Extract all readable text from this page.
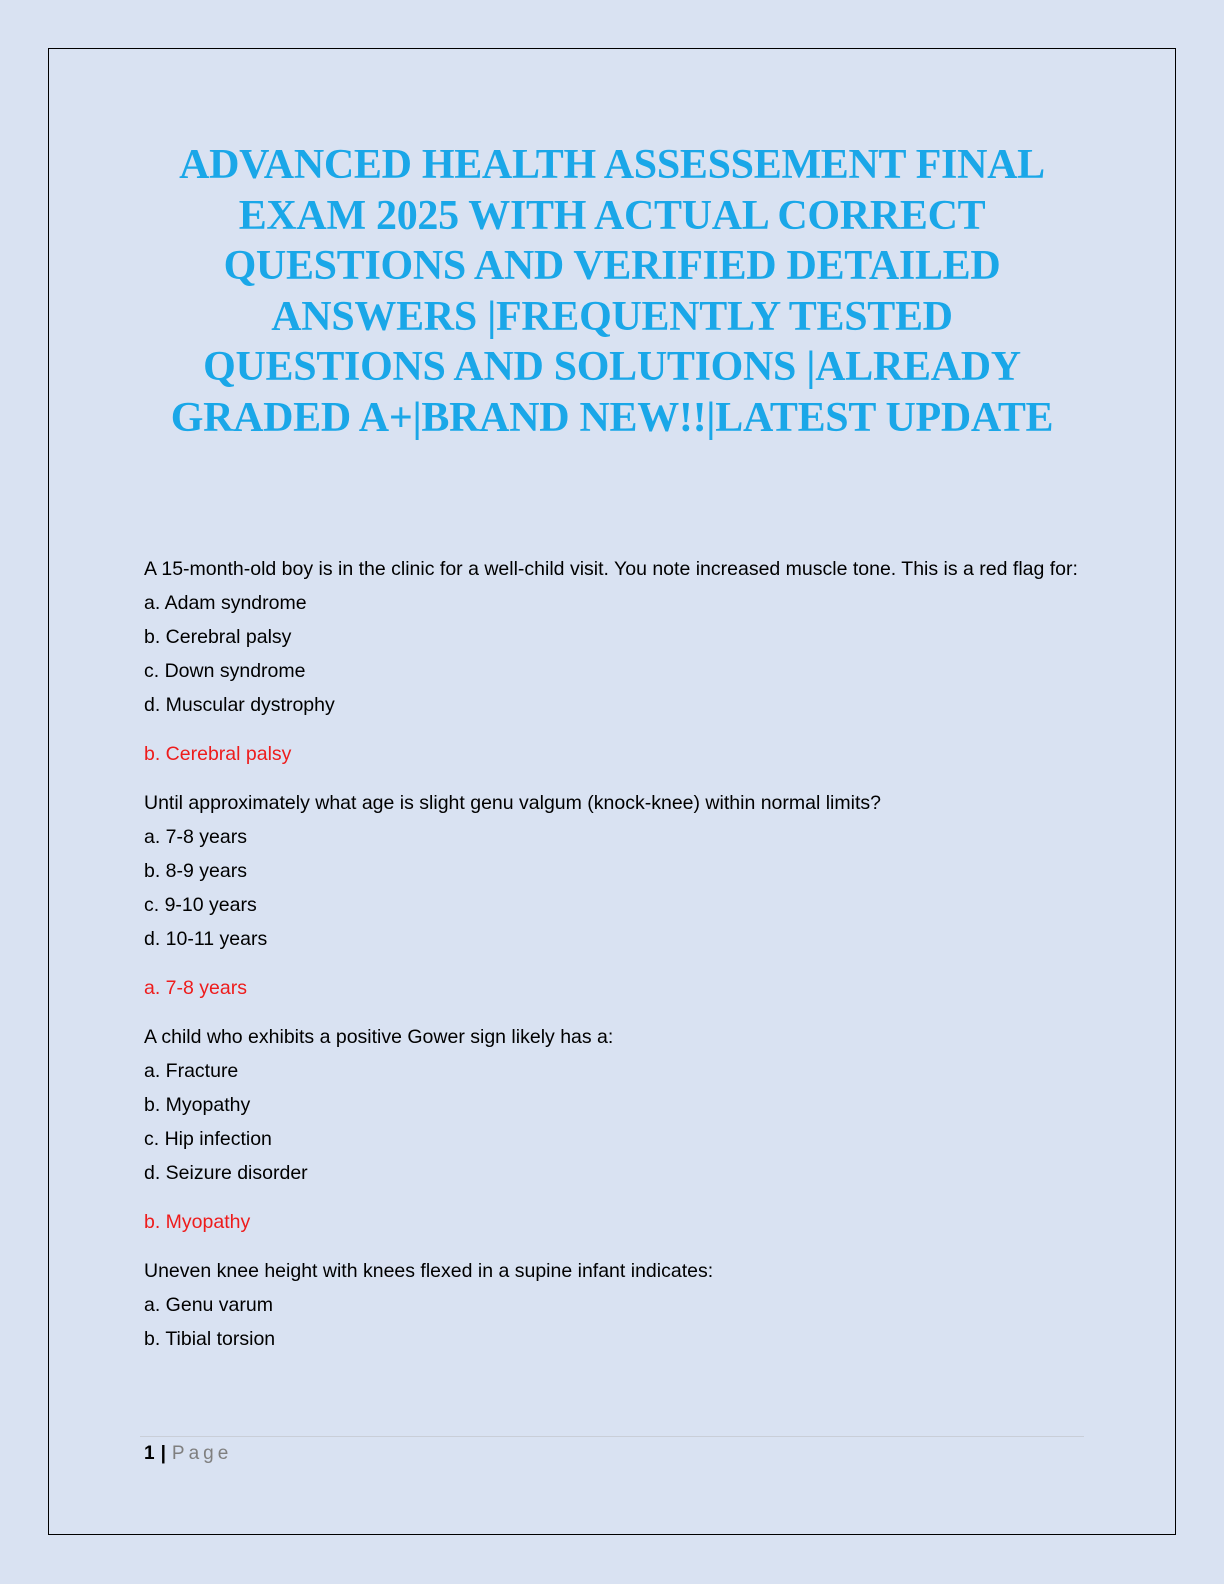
ADVANCED HEALTH ASSESSEMENT FINAL
EXAM 2025 WITH ACTUAL CORRECT
QUESTIONS AND VERIFIED DETAILED
ANSWERS |FREQUENTLY TESTED
QUESTIONS AND SOLUTIONS |ALREADY
GRADED A+|BRAND NEW!!|LATEST UPDATE

A 15-month-old boy is in the clinic for a well-child visit. You note increased muscle tone. This is a red flag for:

a. Adam syndrome
b. Cerebral palsy
c. Down syndrome
d. Muscular dystrophy

b. Cerebral palsy

Until approximately what age is slight genu valgum (knock-knee) within normal limits?

a. 7-8 years
b. 8-9 years
c. 9-10 years
d. 10-11 years

a. 7-8 years

A child who exhibits a positive Gower sign likely has a:

a. Fracture
b. Myopathy
c. Hip infection
d. Seizure disorder

b. Myopathy

Uneven knee height with knees flexed in a supine infant indicates:

a. Genu varum
b. Tibial torsion
1 | Page
